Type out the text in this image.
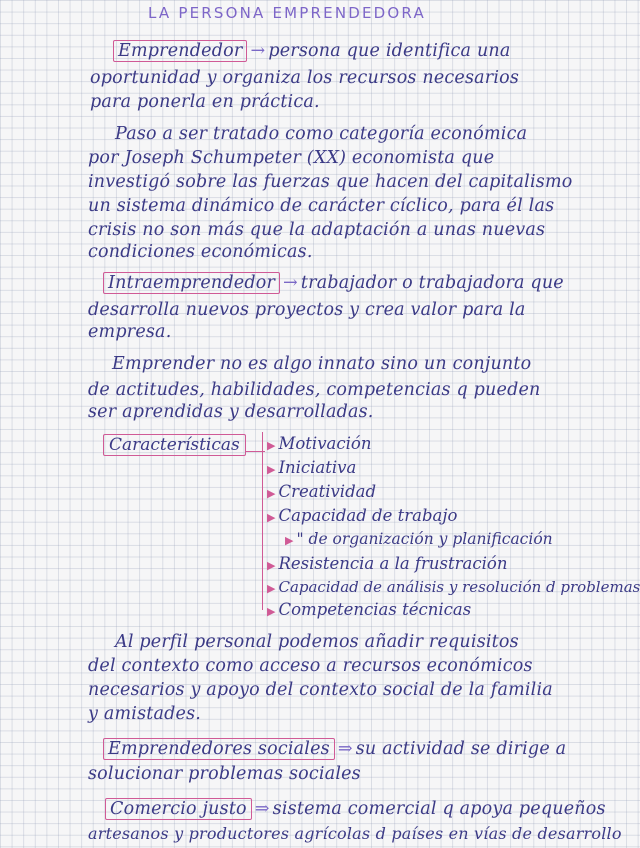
LA PERSONA EMPRENDEDORA
Emprendedor → persona que identifica una
oportunidad y organiza los recursos necesarios
para ponerla en práctica.
Paso a ser tratado como categoría económica
por Joseph Schumpeter (XX) economista que
investigó sobre las fuerzas que hacen del capitalismo
un sistema dinámico de carácter cíclico, para él las
crisis no son más que la adaptación a unas nuevas
condiciones económicas.
Intraemprendedor → trabajador o trabajadora que
desarrolla nuevos proyectos y crea valor para la
empresa.
Emprender no es algo innato sino un conjunto
de actitudes, habilidades, competencias q pueden
ser aprendidas y desarrolladas.
Características	▶ Motivación
▶ Iniciativa
▶ Creatividad
▶ Capacidad de trabajo
▶ " de organización y planificación
▶ Resistencia a la frustración
▶ Capacidad de análisis y resolución d problemas
▶ Competencias técnicas
Al perfil personal podemos añadir requisitos
del contexto como acceso a recursos económicos
necesarios y apoyo del contexto social de la familia
y amistades.
Emprendedores sociales ⇒ su actividad se dirige a
solucionar problemas sociales
Comercio justo ⇒ sistema comercial q apoya pequeños
artesanos y productores agrícolas d países en vías de desarrollo
